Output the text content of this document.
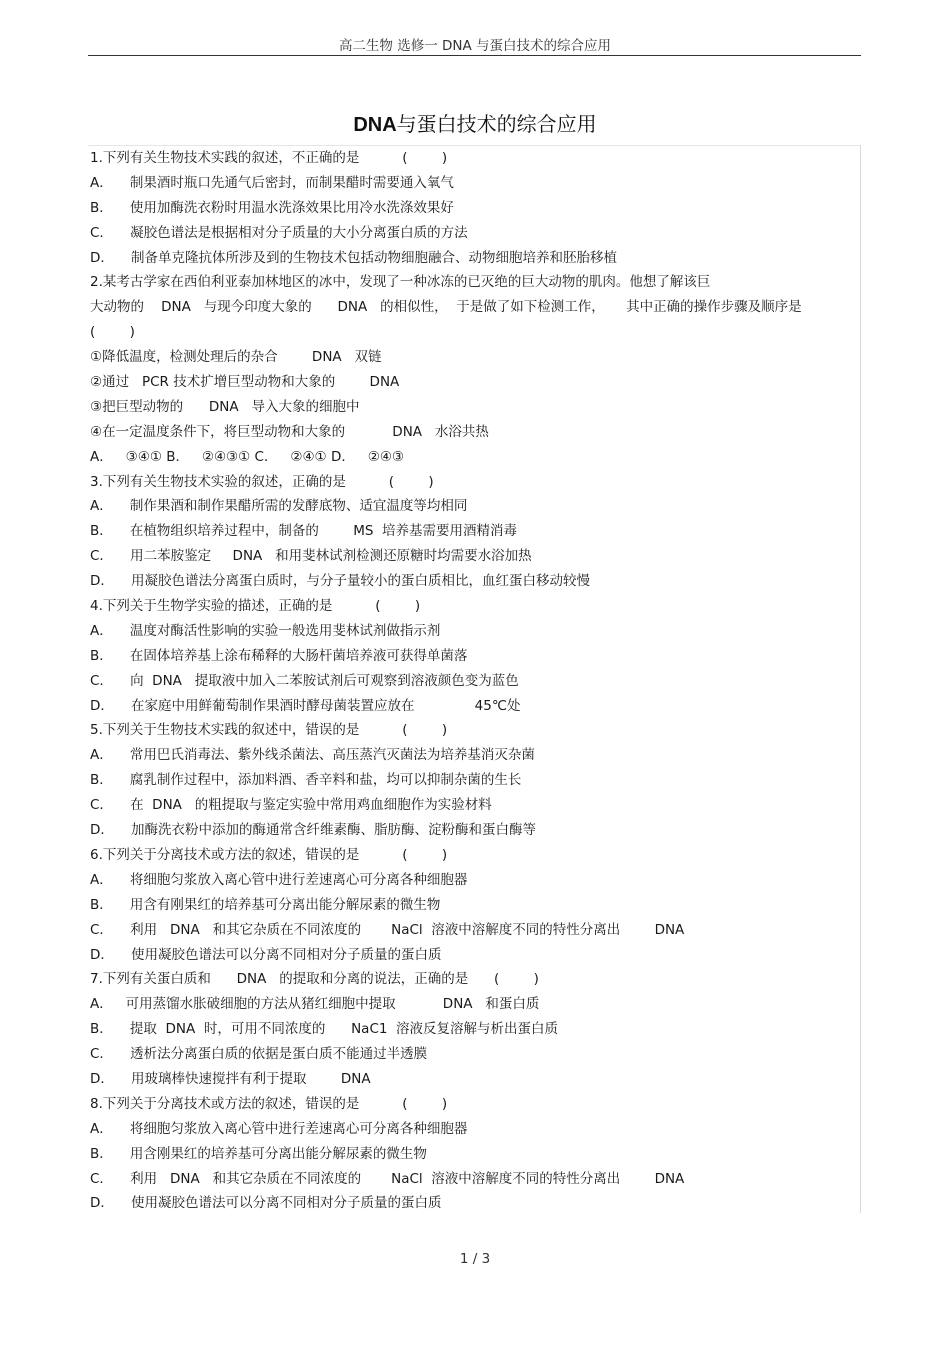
高二生物 选修一 DNA 与蛋白技术的综合应用
DNA与蛋白技术的综合应用
1.下列有关生物技术实践的叙述，不正确的是          (        )
A．    制果酒时瓶口先通气后密封，而制果醋时需要通入氧气
B．    使用加酶洗衣粉时用温水洗涤效果比用冷水洗涤效果好
C．    凝胶色谱法是根据相对分子质量的大小分离蛋白质的方法
D．    制备单克隆抗体所涉及到的生物技术包括动物细胞融合、动物细胞培养和胚胎移植
2.某考古学家在西伯利亚泰加林地区的冰中，发现了一种冰冻的已灭绝的巨大动物的肌肉。他想了解该巨
大动物的    DNA   与现今印度大象的      DNA   的相似性，  于是做了如下检测工作，     其中正确的操作步骤及顺序是
(        )
①降低温度，检测处理后的杂合        DNA   双链
②通过   PCR 技术扩增巨型动物和大象的        DNA
③把巨型动物的      DNA   导入大象的细胞中
④在一定温度条件下，将巨型动物和大象的           DNA   水浴共热
A．   ③④① B．   ②④③① C．   ②④① D．   ②④③
3.下列有关生物技术实验的叙述，正确的是          (        )
A．    制作果酒和制作果醋所需的发酵底物、适宜温度等均相同
B．    在植物组织培养过程中，制备的        MS  培养基需要用酒精消毒
C．    用二苯胺鉴定     DNA   和用斐林试剂检测还原糖时均需要水浴加热
D．    用凝胶色谱法分离蛋白质时，与分子量较小的蛋白质相比，血红蛋白移动较慢
4.下列关于生物学实验的描述，正确的是          (        )
A．    温度对酶活性影响的实验一般选用斐林试剂做指示剂
B．    在固体培养基上涂布稀释的大肠杆菌培养液可获得单菌落
C．    向  DNA   提取液中加入二苯胺试剂后可观察到溶液颜色变为蓝色
D．    在家庭中用鲜葡萄制作果酒时酵母菌装置应放在              45℃处
5.下列关于生物技术实践的叙述中，错误的是          (        )
A．    常用巴氏消毒法、紫外线杀菌法、高压蒸汽灭菌法为培养基消灭杂菌
B．    腐乳制作过程中，添加料酒、香辛料和盐，均可以抑制杂菌的生长
C．    在  DNA   的粗提取与鉴定实验中常用鸡血细胞作为实验材料
D．    加酶洗衣粉中添加的酶通常含纤维素酶、脂肪酶、淀粉酶和蛋白酶等
6.下列关于分离技术或方法的叙述，错误的是          (        )
A．    将细胞匀浆放入离心管中进行差速离心可分离各种细胞器
B．    用含有刚果红的培养基可分离出能分解尿素的微生物
C．    利用   DNA   和其它杂质在不同浓度的       NaCl  溶液中溶解度不同的特性分离出        DNA
D．    使用凝胶色谱法可以分离不同相对分子质量的蛋白质
7.下列有关蛋白质和      DNA   的提取和分离的说法，正确的是      (        )
A．   可用蒸馏水胀破细胞的方法从猪红细胞中提取           DNA   和蛋白质
B．    提取  DNA  时，可用不同浓度的      NaC1  溶液反复溶解与析出蛋白质
C．    透析法分离蛋白质的依据是蛋白质不能通过半透膜
D．    用玻璃棒快速搅拌有利于提取        DNA
8.下列关于分离技术或方法的叙述，错误的是          (        )
A．    将细胞匀浆放入离心管中进行差速离心可分离各种细胞器
B．    用含刚果红的培养基可分离出能分解尿素的微生物
C．    利用   DNA   和其它杂质在不同浓度的       NaCl  溶液中溶解度不同的特性分离出        DNA
D．    使用凝胶色谱法可以分离不同相对分子质量的蛋白质
1 / 3
